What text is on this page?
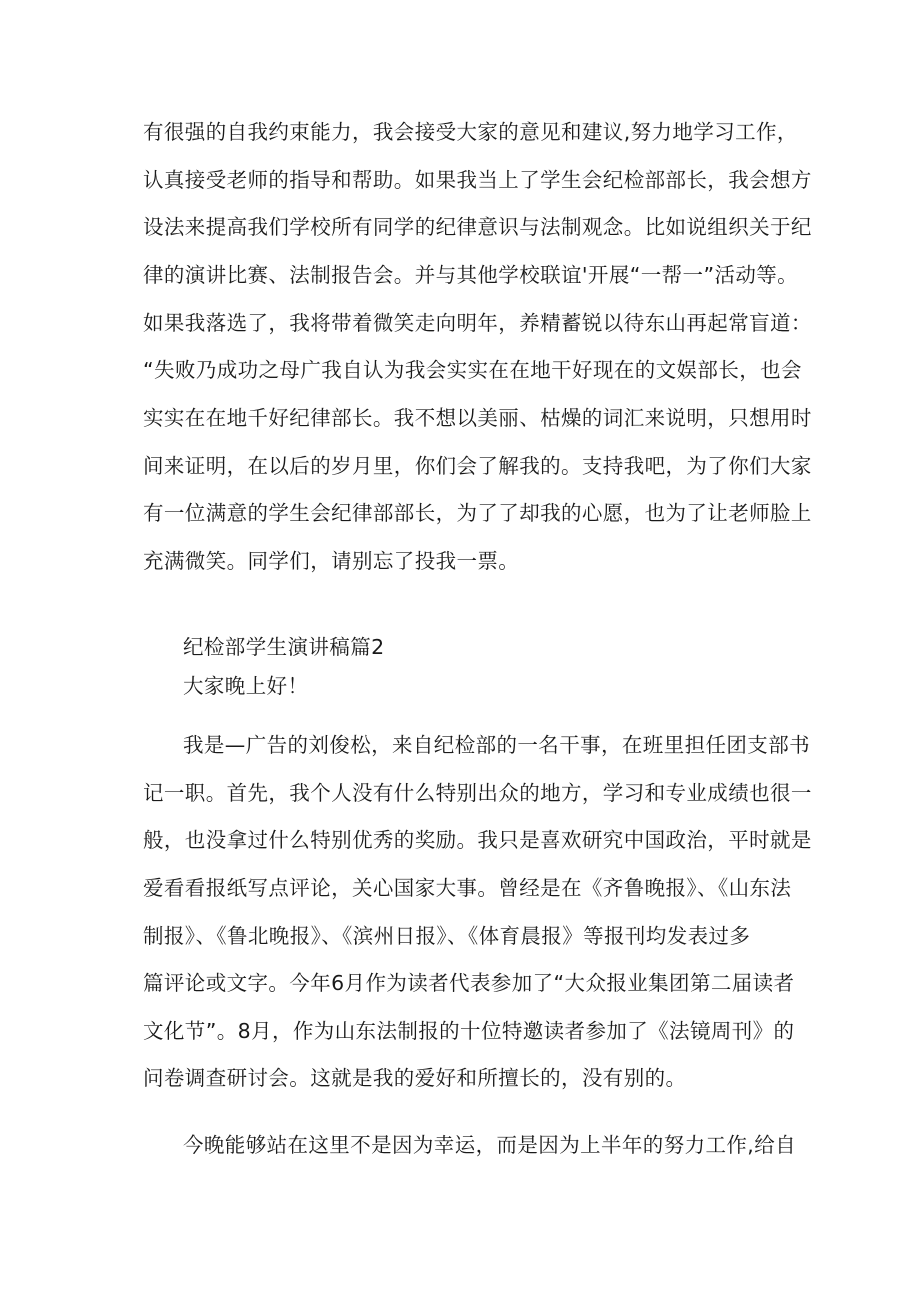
有很强的自我约束能力，我会接受大家的意见和建议,努力地学习工作，
认真接受老师的指导和帮助。如果我当上了学生会纪检部部长，我会想方
设法来提高我们学校所有同学的纪律意识与法制观念。比如说组织关于纪
律的演讲比赛、法制报告会。并与其他学校联谊'开展“一帮一”活动等。
如果我落选了，我将带着微笑走向明年，养精蓄锐以待东山再起常盲道：
“失败乃成功之母广我自认为我会实实在在地干好现在的文娱部长，也会
实实在在地千好纪律部长。我不想以美丽、枯燥的词汇来说明，只想用时
间来证明，在以后的岁月里，你们会了解我的。支持我吧，为了你们大家
有一位满意的学生会纪律部部长，为了了却我的心愿，也为了让老师脸上
充满微笑。同学们，请别忘了投我一票。
纪检部学生演讲稿篇2
大家晚上好！
我是—广告的刘俊松，来自纪检部的一名干事，在班里担任团支部书
记一职。首先，我个人没有什么特别出众的地方，学习和专业成绩也很一
般，也没拿过什么特别优秀的奖励。我只是喜欢研究中国政治，平时就是
爱看看报纸写点评论，关心国家大事。曾经是在《齐鲁晚报》、《山东法
制报》、《鲁北晚报》、《滨州日报》、《体育晨报》等报刊均发表过多
篇评论或文字。今年6月作为读者代表参加了“大众报业集团第二届读者
文化节”。8月，作为山东法制报的十位特邀读者参加了《法镜周刊》的
问卷调查研讨会。这就是我的爱好和所擅长的，没有别的。
今晚能够站在这里不是因为幸运，而是因为上半年的努力工作,给自
